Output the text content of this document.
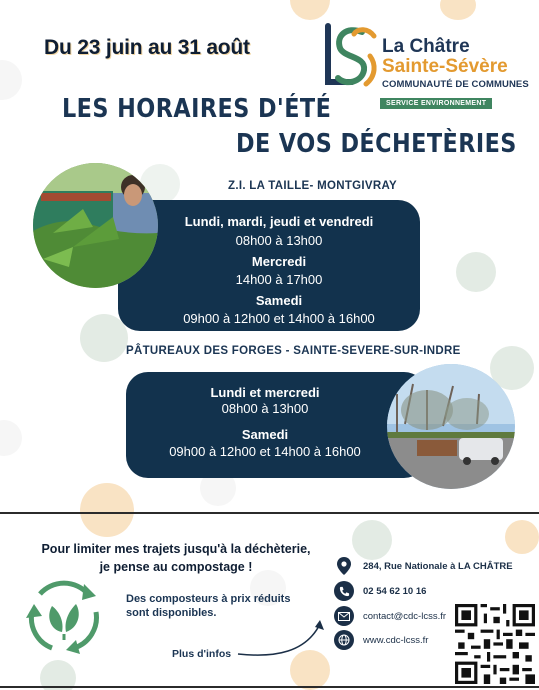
Du 23 juin au 31 août	La Châtre
Sainte-Sévère
COMMUNAUTÉ DE COMMUNES
SERVICE ENVIRONNEMENT
LES HORAIRES D'ÉTÉ
DE VOS DÉCHETÈRIES
Z.I. LA TAILLE- MONTGIVRAY
Lundi, mardi, jeudi et vendredi
08h00 à 13h00
Mercredi
14h00 à 17h00
Samedi
09h00 à 12h00 et 14h00 à 16h00
PÂTUREAUX DES FORGES - SAINTE-SEVERE-SUR-INDRE
Lundi et mercredi
08h00 à 13h00
Samedi
09h00 à 12h00 et 14h00 à 16h00
Pour limiter mes trajets jusqu'à la déchèterie,
je pense au compostage !
Des composteurs à prix réduits
sont disponibles.
Plus d'infos
284, Rue Nationale à LA CHÂTRE
02 54 62 10 16
contact@cdc-lcss.fr
www.cdc-lcss.fr
